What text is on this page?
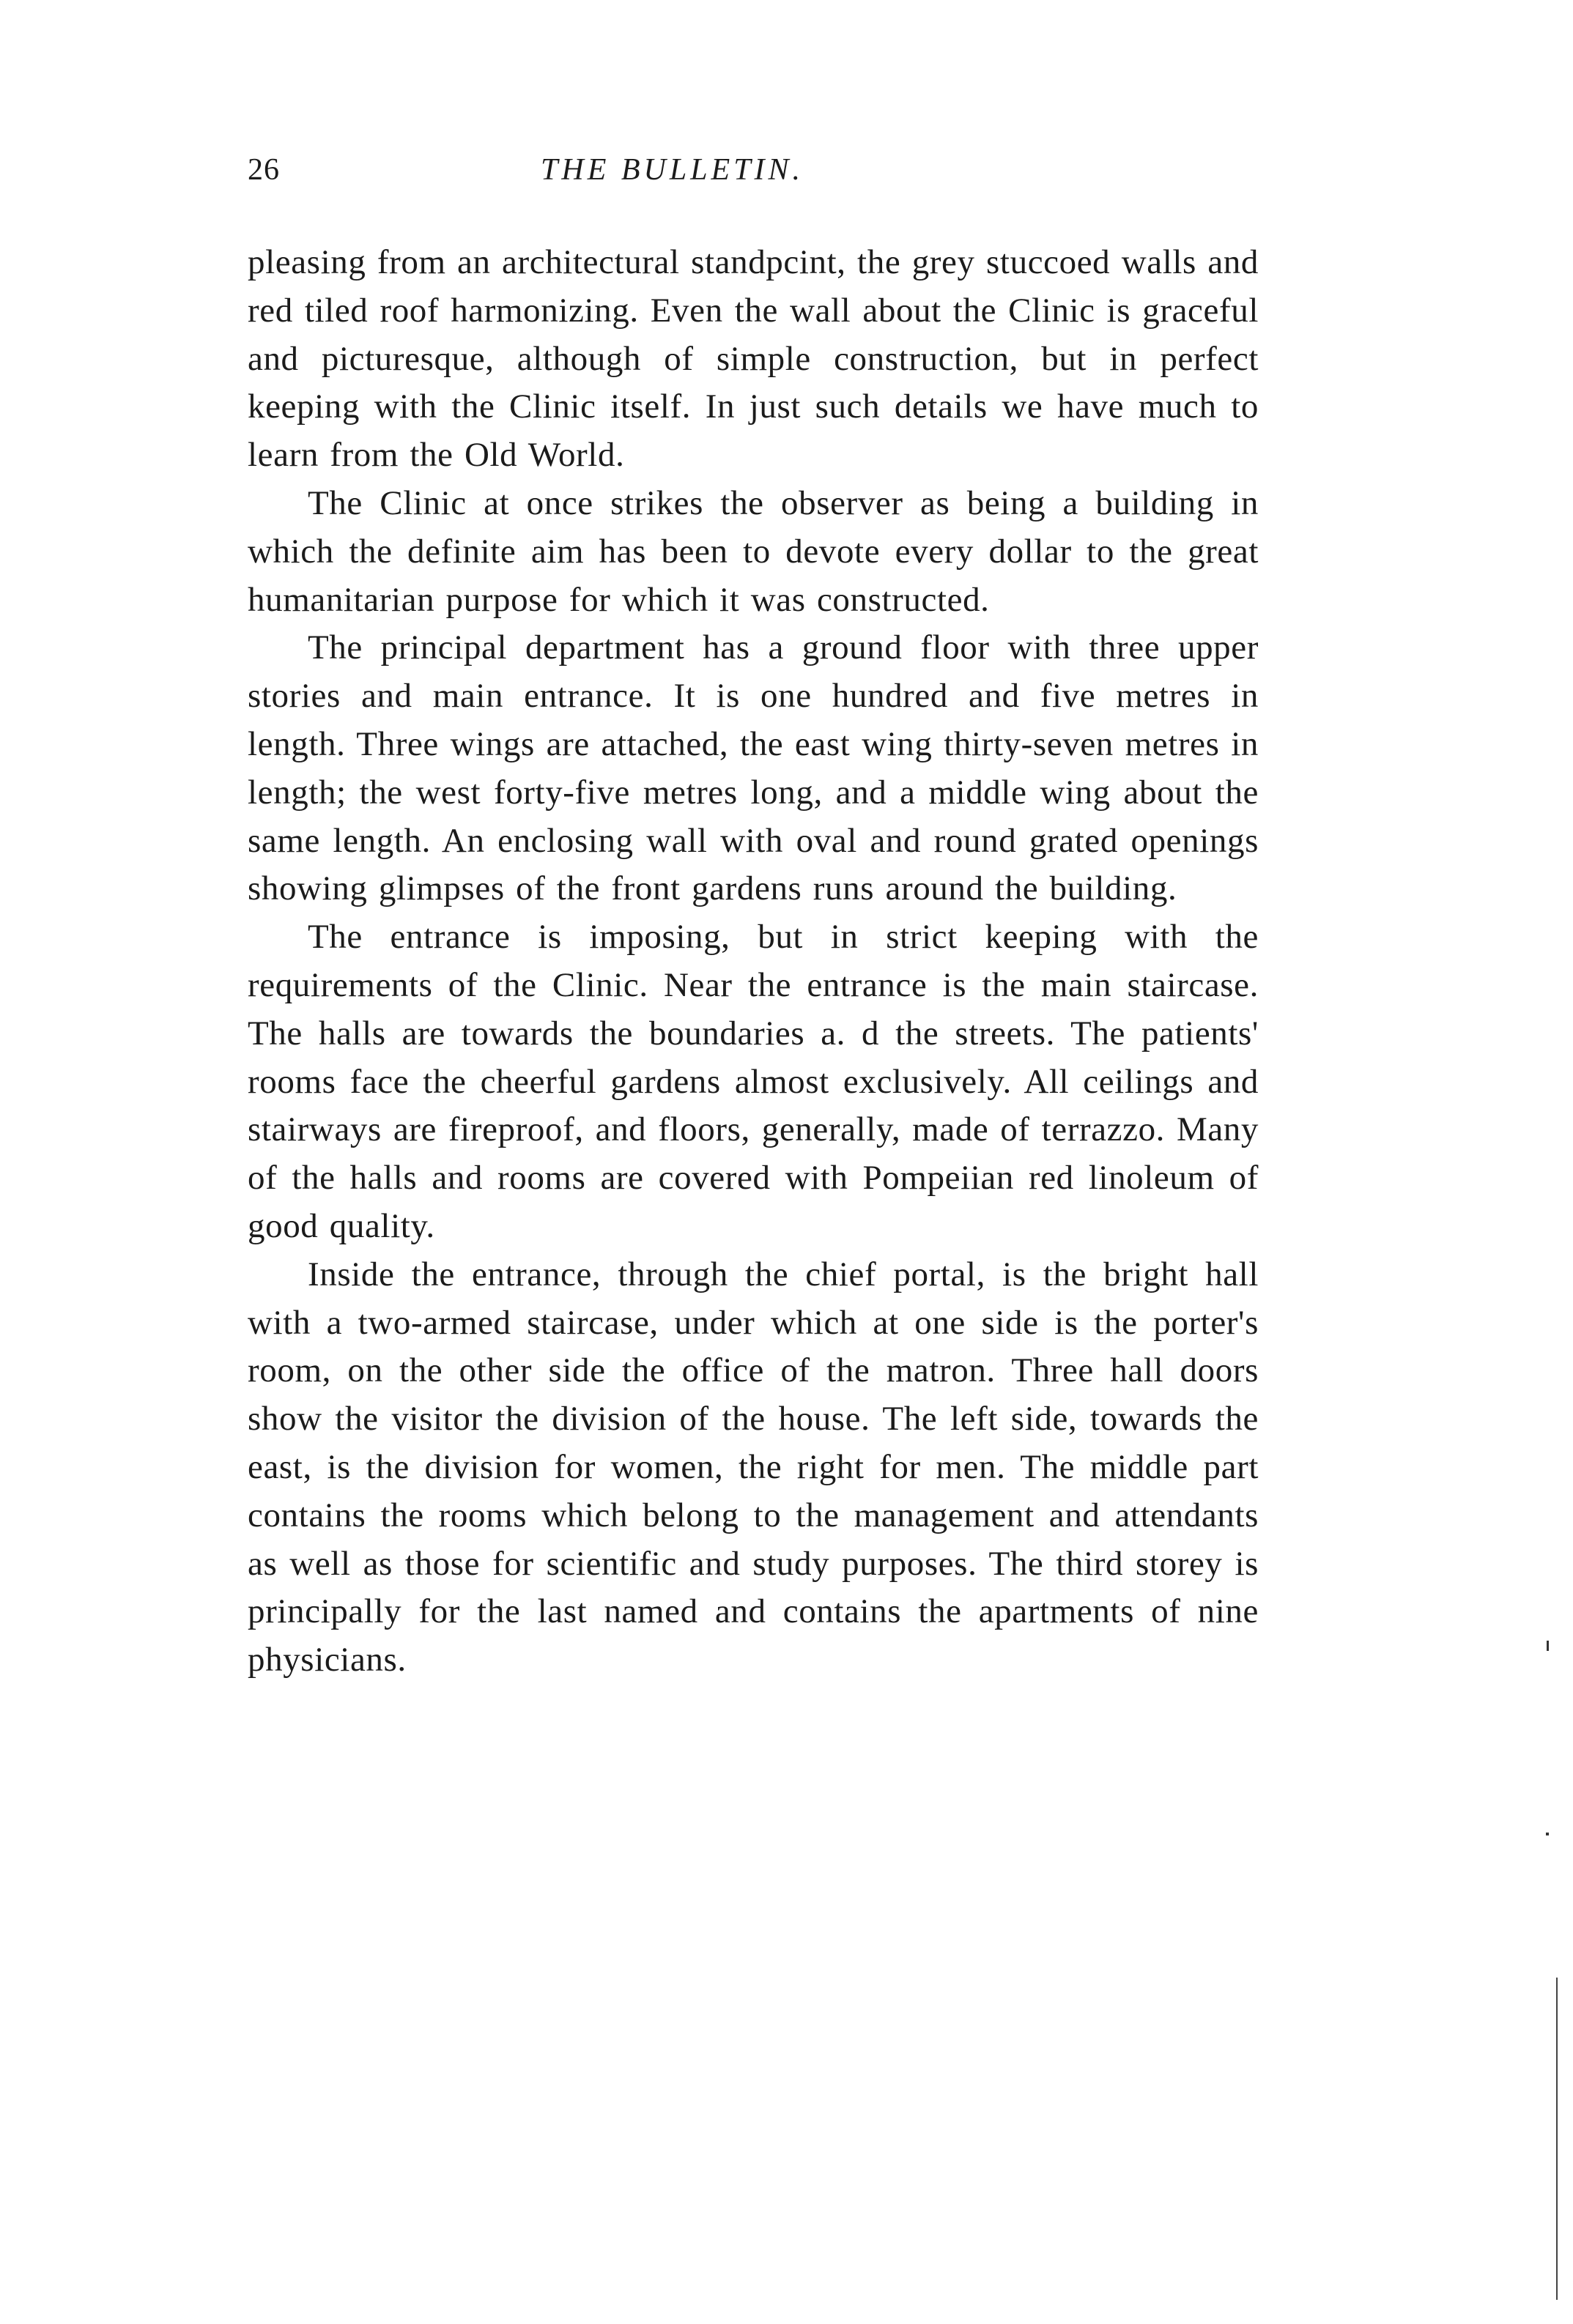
26	THE BULLETIN.

pleasing from an architectural standpcint, the grey stuccoed walls and red tiled roof harmonizing. Even the wall about the Clinic is graceful and picturesque, although of simple construction, but in perfect keeping with the Clinic itself. In just such details we have much to learn from the Old World.

The Clinic at once strikes the observer as being a building in which the definite aim has been to devote every dollar to the great humanitarian purpose for which it was constructed.

The principal department has a ground floor with three upper stories and main entrance. It is one hundred and five metres in length. Three wings are attached, the east wing thirty-seven metres in length; the west forty-five metres long, and a middle wing about the same length. An enclosing wall with oval and round grated openings showing glimpses of the front gardens runs around the building.

The entrance is imposing, but in strict keeping with the requirements of the Clinic. Near the entrance is the main staircase. The halls are towards the boundaries a. d the streets. The patients' rooms face the cheerful gardens almost exclusively. All ceilings and stairways are fireproof, and floors, generally, made of terrazzo. Many of the halls and rooms are covered with Pompeiian red linoleum of good quality.

Inside the entrance, through the chief portal, is the bright hall with a two-armed staircase, under which at one side is the porter's room, on the other side the office of the matron. Three hall doors show the visitor the division of the house. The left side, towards the east, is the division for women, the right for men. The middle part contains the rooms which belong to the management and attendants as well as those for scientific and study purposes. The third storey is principally for the last named and contains the apartments of nine physicians.
